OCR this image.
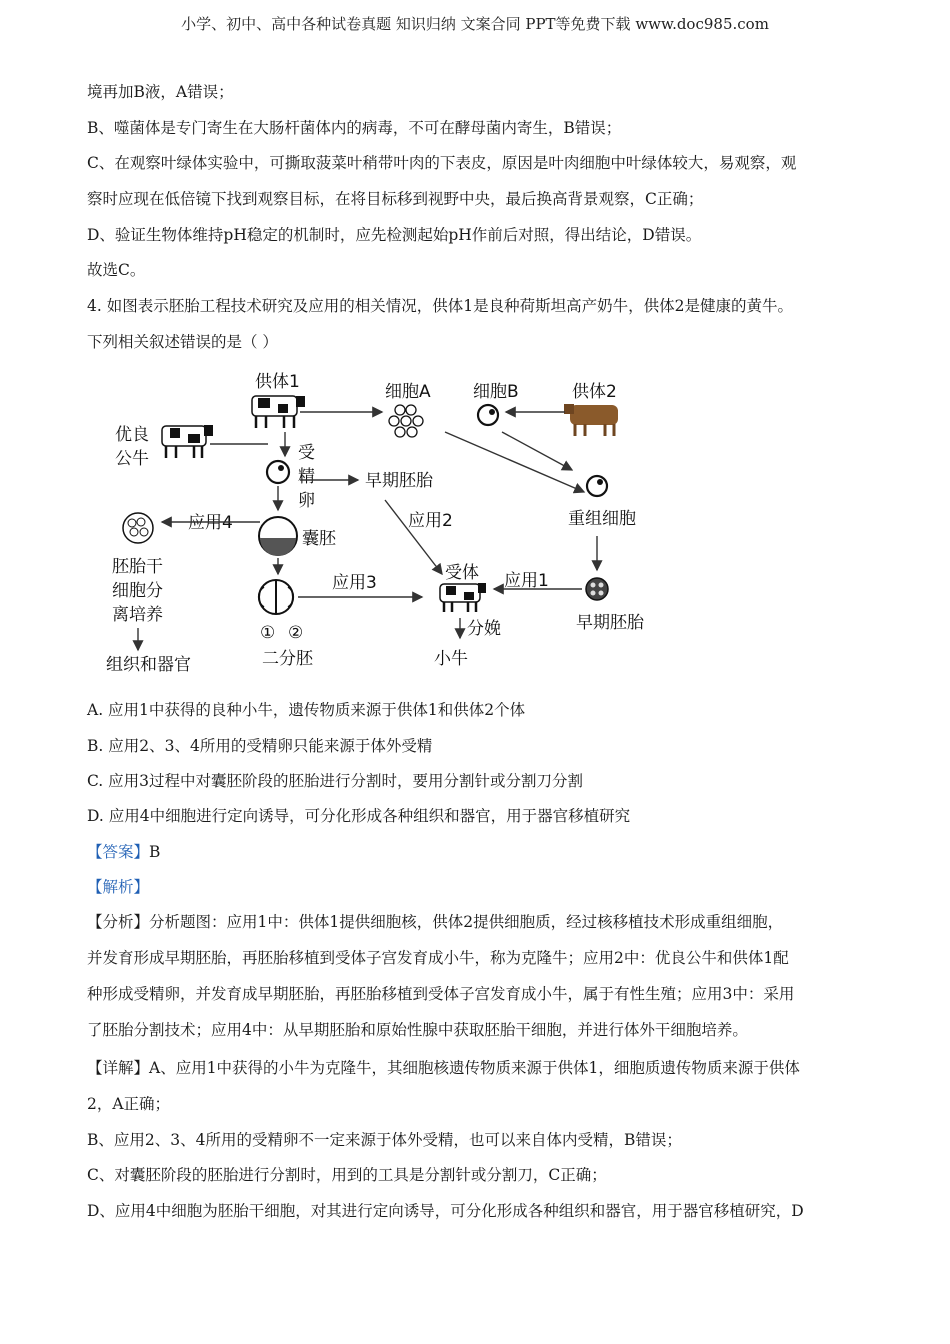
小学、初中、高中各种试卷真题 知识归纳 文案合同 PPT等免费下载 www.doc985.com
境再加B液，A错误；
B、噬菌体是专门寄生在大肠杆菌体内的病毒，不可在酵母菌内寄生，B错误；
C、在观察叶绿体实验中，可撕取菠菜叶稍带叶肉的下表皮，原因是叶肉细胞中叶绿体较大，易观察，观
察时应现在低倍镜下找到观察目标，在将目标移到视野中央，最后换高背景观察，C正确；
D、验证生物体维持pH稳定的机制时，应先检测起始pH作前后对照，得出结论，D错误。
故选C。
4. 如图表示胚胎工程技术研究及应用的相关情况，供体1是良种荷斯坦高产奶牛，供体2是健康的黄牛。
下列相关叙述错误的是（ ）
供体1	细胞A 细胞B	供体2
优良
公牛	受
精
卵
早期胚胎
应用4
囊胚
应用2	重组细胞
胚胎干
细胞分
离培养
应用3	受体 应用1
早期胚胎
分娩
① ②
小牛
二分胚
组织和器官
A. 应用1中获得的良种小牛，遗传物质来源于供体1和供体2个体
B. 应用2、3、4所用的受精卵只能来源于体外受精
C. 应用3过程中对囊胚阶段的胚胎进行分割时，要用分割针或分割刀分割
D. 应用4中细胞进行定向诱导，可分化形成各种组织和器官，用于器官移植研究
【答案】B
【解析】
【分析】分析题图：应用1中：供体1提供细胞核，供体2提供细胞质，经过核移植技术形成重组细胞，
并发育形成早期胚胎，再胚胎移植到受体子宫发育成小牛，称为克隆牛；应用2中：优良公牛和供体1配
种形成受精卵，并发育成早期胚胎，再胚胎移植到受体子宫发育成小牛，属于有性生殖；应用3中：采用
了胚胎分割技术；应用4中：从早期胚胎和原始性腺中获取胚胎干细胞，并进行体外干细胞培养。
【详解】A、应用1中获得的小牛为克隆牛，其细胞核遗传物质来源于供体1，细胞质遗传物质来源于供体
2，A正确；
B、应用2、3、4所用的受精卵不一定来源于体外受精，也可以来自体内受精，B错误；
C、对囊胚阶段的胚胎进行分割时，用到的工具是分割针或分割刀，C正确；
D、应用4中细胞为胚胎干细胞，对其进行定向诱导，可分化形成各种组织和器官，用于器官移植研究，D
